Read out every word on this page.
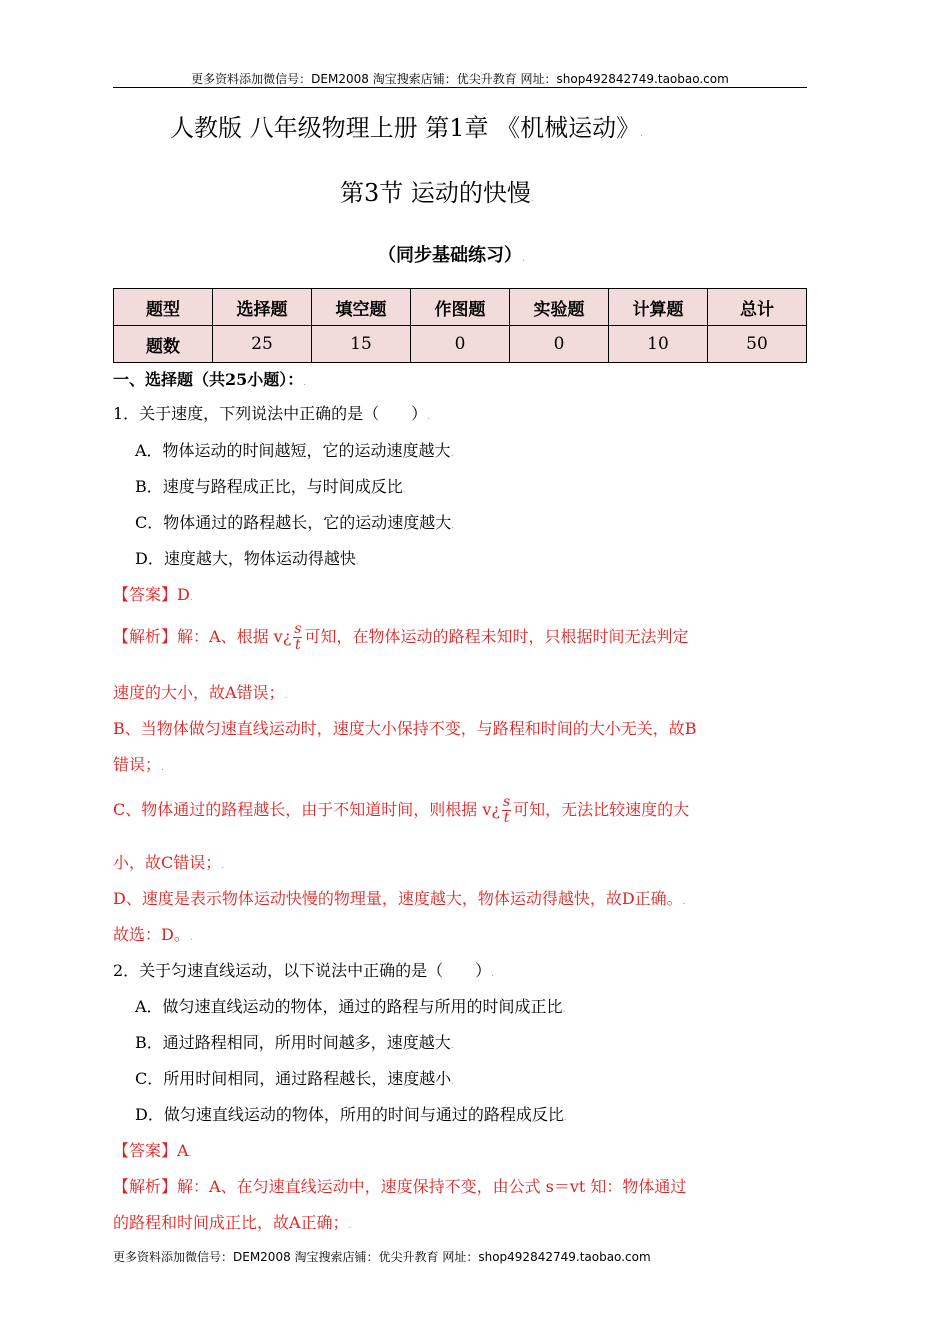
更多资料添加微信号：DEM2008 淘宝搜索店铺：优尖升教育 网址：shop492842749.taobao.com
人教版 八年级物理上册 第1章 《机械运动》.
第3节 运动的快慢.
（同步基础练习）.
题型	选择题	填空题	作图题	实验题	计算题	总计
题数	25	15	0	0	10	50
一、选择题（共25小题）：.
1．关于速度，下列说法中正确的是（　　）.
A．物体运动的时间越短，它的运动速度越大.
B．速度与路程成正比，与时间成反比.
C．物体通过的路程越长，它的运动速度越大.
D．速度越大，物体运动得越快.
【答案】D.
【解析】解：A、根据 v¿ $\frac{s}{t}$ 可知，在物体运动的路程未知时，只根据时间无法判定
速度的大小，故A错误；.
B、当物体做匀速直线运动时，速度大小保持不变，与路程和时间的大小无关，故B
错误；.
C、物体通过的路程越长，由于不知道时间，则根据 v¿ $\frac{s}{t}$ 可知，无法比较速度的大
小，故C错误；.
D、速度是表示物体运动快慢的物理量，速度越大，物体运动得越快，故D正确。.
故选：D。.
2．关于匀速直线运动，以下说法中正确的是（　　）.
A．做匀速直线运动的物体，通过的路程与所用的时间成正比.
B．通过路程相同，所用时间越多，速度越大.
C．所用时间相同，通过路程越长，速度越小.
D．做匀速直线运动的物体，所用的时间与通过的路程成反比.
【答案】A.
【解析】解：A、在匀速直线运动中，速度保持不变，由公式 s＝vt 知：物体通过
的路程和时间成正比，故A正确；.
更多资料添加微信号：DEM2008 淘宝搜索店铺：优尖升教育 网址：shop492842749.taobao.com
